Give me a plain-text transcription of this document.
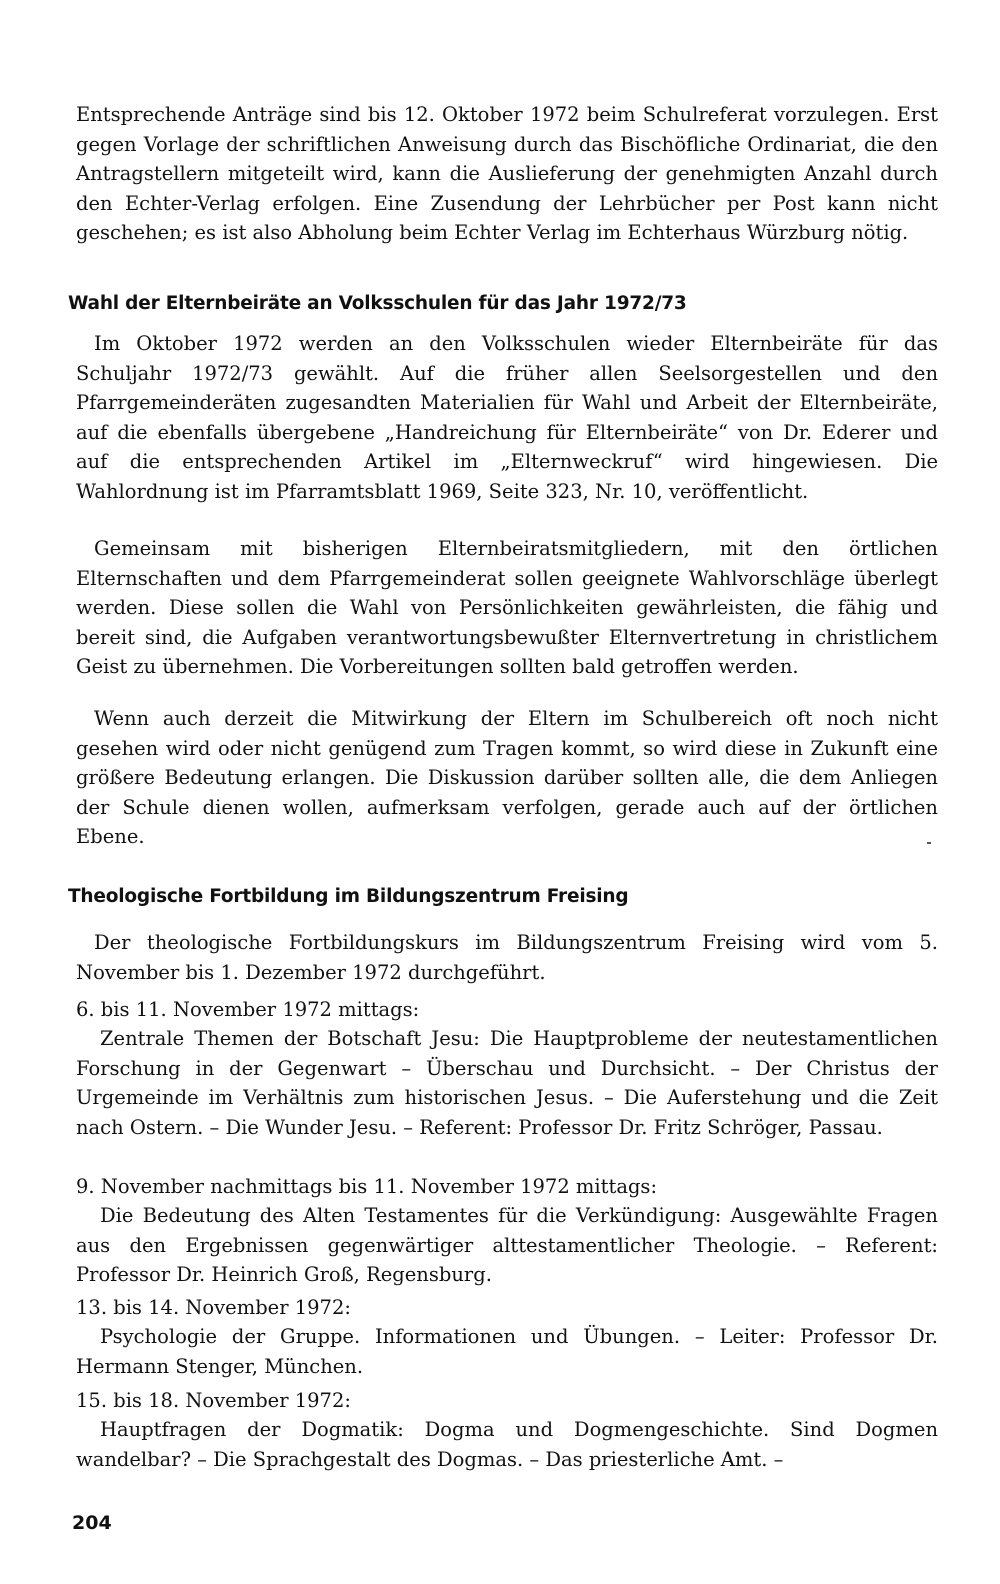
Entsprechende Anträge sind bis 12. Oktober 1972 beim Schulreferat vorzulegen. Erst gegen Vorlage der schriftlichen Anweisung durch das Bischöfliche Ordinariat, die den Antragstellern mitgeteilt wird, kann die Auslieferung der genehmigten Anzahl durch den Echter-Verlag erfolgen. Eine Zusendung der Lehrbücher per Post kann nicht geschehen; es ist also Abholung beim Echter Verlag im Echterhaus Würzburg nötig.

Wahl der Elternbeiräte an Volksschulen für das Jahr 1972/73

Im Oktober 1972 werden an den Volksschulen wieder Elternbeiräte für das Schuljahr 1972/73 gewählt. Auf die früher allen Seelsorgestellen und den Pfarrgemeinderäten zugesandten Materialien für Wahl und Arbeit der Elternbeiräte, auf die ebenfalls übergebene „Handreichung für Elternbeiräte“ von Dr. Ederer und auf die entsprechenden Artikel im „Elternweckruf“ wird hingewiesen. Die Wahlordnung ist im Pfarramtsblatt 1969, Seite 323, Nr. 10, veröffentlicht.

Gemeinsam mit bisherigen Elternbeiratsmitgliedern, mit den örtlichen Elternschaften und dem Pfarrgemeinderat sollen geeignete Wahlvorschläge überlegt werden. Diese sollen die Wahl von Persönlichkeiten gewährleisten, die fähig und bereit sind, die Aufgaben verantwortungsbewußter Elternvertretung in christlichem Geist zu übernehmen. Die Vorbereitungen sollten bald getroffen werden.

Wenn auch derzeit die Mitwirkung der Eltern im Schulbereich oft noch nicht gesehen wird oder nicht genügend zum Tragen kommt, so wird diese in Zukunft eine größere Bedeutung erlangen. Die Diskussion darüber sollten alle, die dem Anliegen der Schule dienen wollen, aufmerksam verfolgen, gerade auch auf der örtlichen Ebene.

Theologische Fortbildung im Bildungszentrum Freising

Der theologische Fortbildungskurs im Bildungszentrum Freising wird vom 5. November bis 1. Dezember 1972 durchgeführt.

6. bis 11. November 1972 mittags:
Zentrale Themen der Botschaft Jesu: Die Hauptprobleme der neutestamentlichen Forschung in der Gegenwart – Überschau und Durchsicht. – Der Christus der Urgemeinde im Verhältnis zum historischen Jesus. – Die Auferstehung und die Zeit nach Ostern. – Die Wunder Jesu. – Referent: Professor Dr. Fritz Schröger, Passau.
9. November nachmittags bis 11. November 1972 mittags:
Die Bedeutung des Alten Testamentes für die Verkündigung: Ausgewählte Fragen aus den Ergebnissen gegenwärtiger alttestamentlicher Theologie. – Referent: Professor Dr. Heinrich Groß, Regensburg.
13. bis 14. November 1972:
Psychologie der Gruppe. Informationen und Übungen. – Leiter: Professor Dr. Hermann Stenger, München.
15. bis 18. November 1972:
Hauptfragen der Dogmatik: Dogma und Dogmengeschichte. Sind Dogmen wandelbar? – Die Sprachgestalt des Dogmas. – Das priesterliche Amt. –
204
